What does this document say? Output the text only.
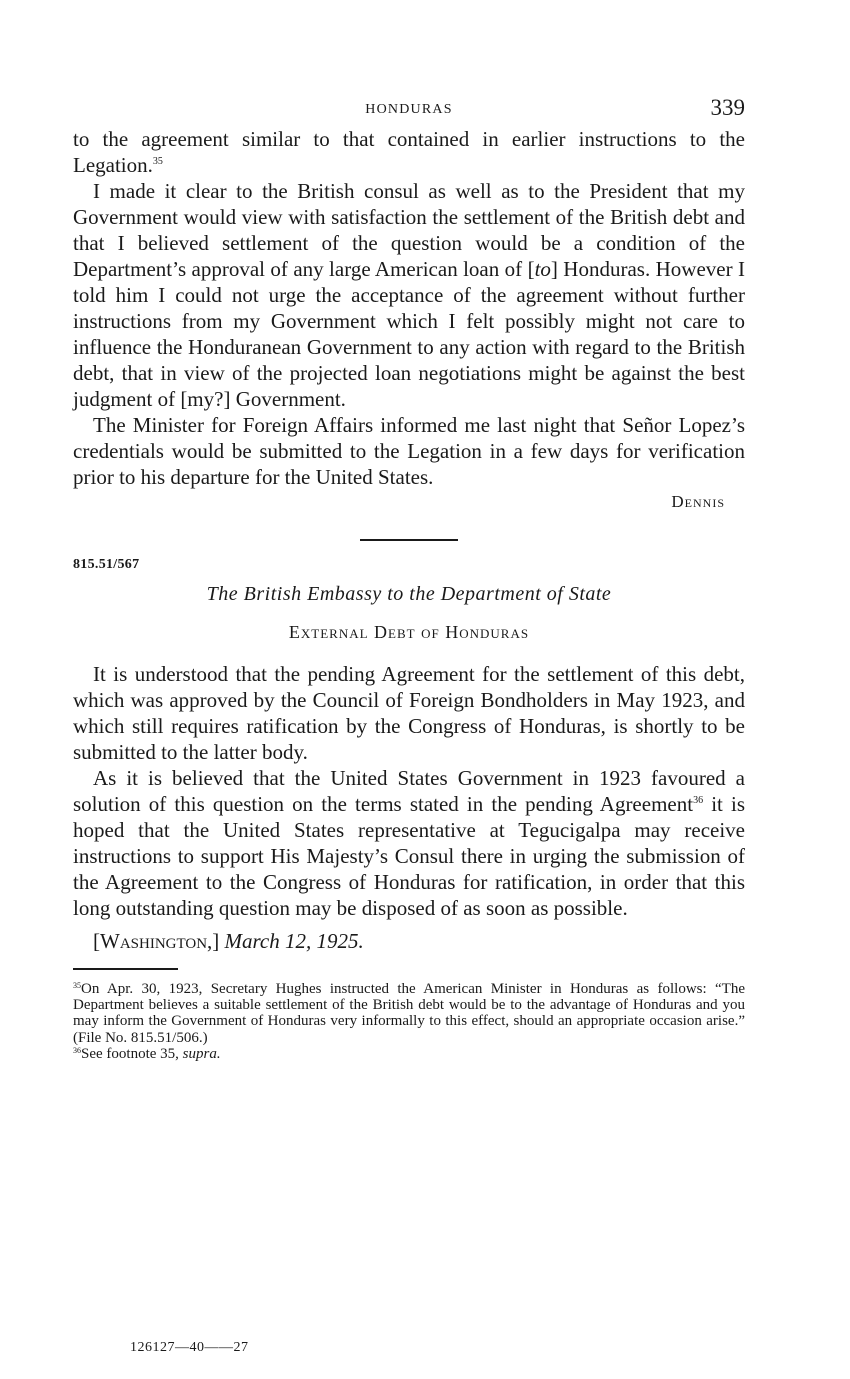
HONDURAS	339

to the agreement similar to that contained in earlier instructions to the Legation.$^{35}$

I made it clear to the British consul as well as to the President that my Government would view with satisfaction the settlement of the British debt and that I believed settlement of the question would be a condition of the Department’s approval of any large American loan of [to] Honduras. However I told him I could not urge the acceptance of the agreement without further instructions from my Government which I felt possibly might not care to influence the Honduranean Government to any action with regard to the British debt, that in view of the projected loan negotiations might be against the best judgment of [my?] Government.

The Minister for Foreign Affairs informed me last night that Señor Lopez’s credentials would be submitted to the Legation in a few days for verification prior to his departure for the United States.

Dennis
815.51/567
The British Embassy to the Department of State
External Debt of Honduras

It is understood that the pending Agreement for the settlement of this debt, which was approved by the Council of Foreign Bondholders in May 1923, and which still requires ratification by the Congress of Honduras, is shortly to be submitted to the latter body.

As it is believed that the United States Government in 1923 favoured a solution of this question on the terms stated in the pending Agreement$^{36}$ it is hoped that the United States representative at Tegucigalpa may receive instructions to support His Majesty’s Consul there in urging the submission of the Agreement to the Congress of Honduras for ratification, in order that this long outstanding question may be disposed of as soon as possible.

[Washington,] March 12, 1925.

$^{35}$On Apr. 30, 1923, Secretary Hughes instructed the American Minister in Honduras as follows: “The Department believes a suitable settlement of the British debt would be to the advantage of Honduras and you may inform the Government of Honduras very informally to this effect, should an appropriate occasion arise.” (File No. 815.51/506.)

$^{36}$See footnote 35, supra.

126127—40——27
